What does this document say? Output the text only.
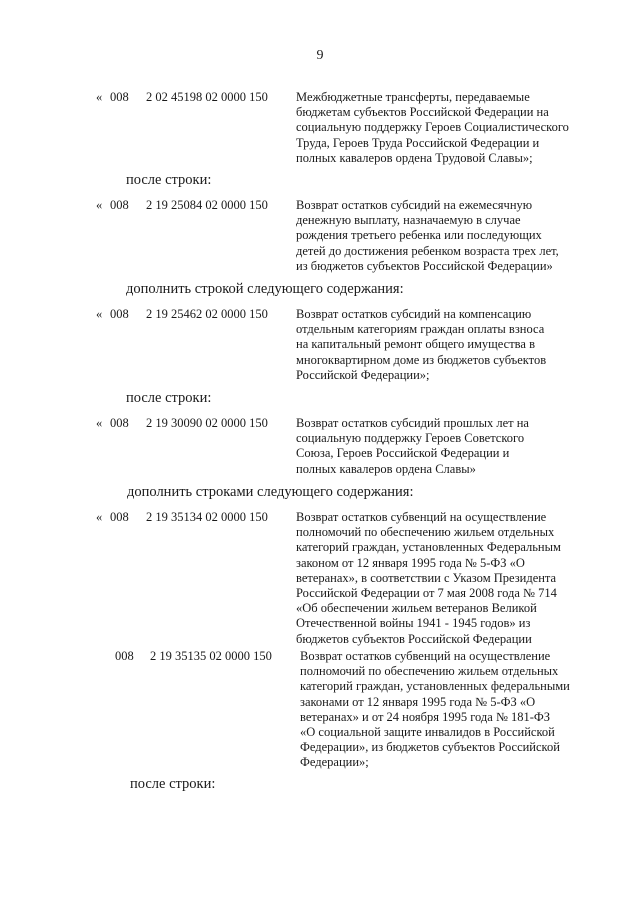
9
« 008 2 02 45198 02 0000 150 Межбюджетные трансферты, передаваемые
бюджетам субъектов Российской Федерации на
социальную поддержку Героев Социалистического
Труда, Героев Труда Российской Федерации и
полных кавалеров ордена Трудовой Славы»;
после строки:
« 008 2 19 25084 02 0000 150 Возврат остатков субсидий на ежемесячную
денежную выплату, назначаемую в случае
рождения третьего ребенка или последующих
детей до достижения ребенком возраста трех лет,
из бюджетов субъектов Российской Федерации»
дополнить строкой следующего содержания:
« 008 2 19 25462 02 0000 150 Возврат остатков субсидий на компенсацию
отдельным категориям граждан оплаты взноса
на капитальный ремонт общего имущества в
многоквартирном доме из бюджетов субъектов
Российской Федерации»;
после строки:
« 008 2 19 30090 02 0000 150 Возврат остатков субсидий прошлых лет на
социальную поддержку Героев Советского
Союза, Героев Российской Федерации и
полных кавалеров ордена Славы»
дополнить строками следующего содержания:
« 008 2 19 35134 02 0000 150 Возврат остатков субвенций на осуществление
полномочий по обеспечению жильем отдельных
категорий граждан, установленных Федеральным
законом от 12 января 1995 года № 5-ФЗ «О
ветеранах», в соответствии с Указом Президента
Российской Федерации от 7 мая 2008 года № 714
«Об обеспечении жильем ветеранов Великой
Отечественной войны 1941 - 1945 годов» из
бюджетов субъектов Российской Федерации
008 2 19 35135 02 0000 150 Возврат остатков субвенций на осуществление
полномочий по обеспечению жильем отдельных
категорий граждан, установленных федеральными
законами от 12 января 1995 года № 5-ФЗ «О
ветеранах» и от 24 ноября 1995 года № 181-ФЗ
«О социальной защите инвалидов в Российской
Федерации», из бюджетов субъектов Российской
Федерации»;
после строки:
